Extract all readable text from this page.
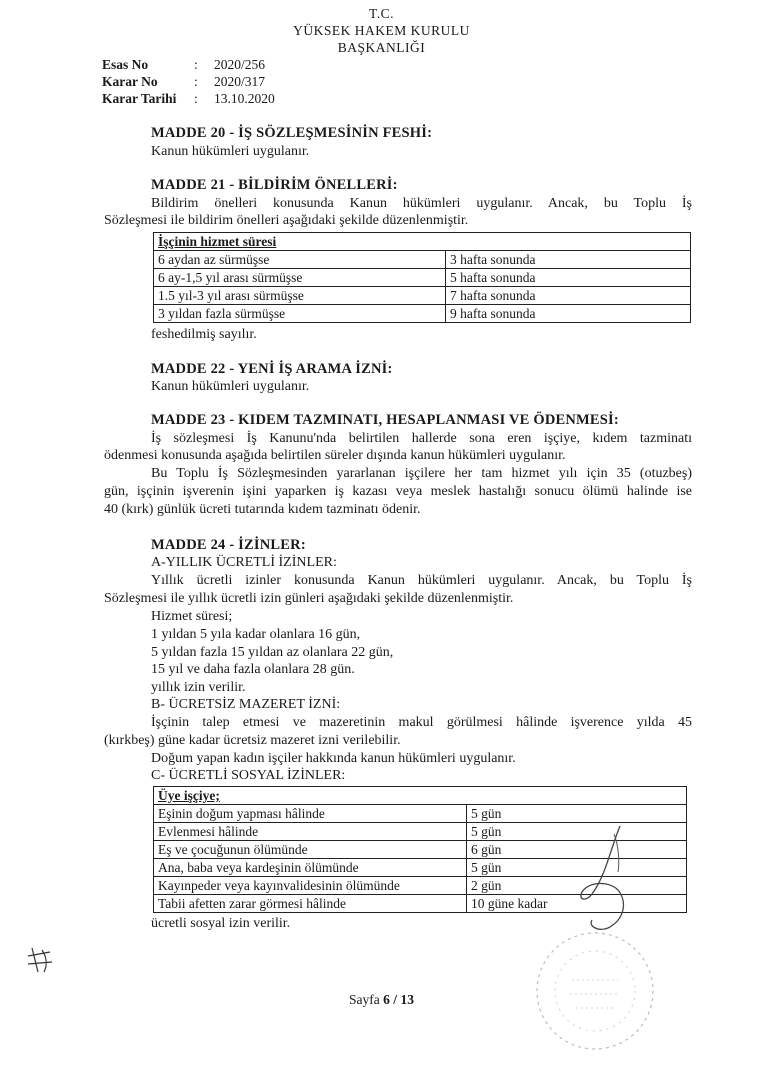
T.C.
YÜKSEK HAKEM KURULU
BAŞKANLIĞI
Esas No	: 2020/256
Karar No	: 2020/317
Karar Tarihi : 13.10.2020
MADDE 20 - İŞ SÖZLEŞMESİNİN FESHİ:
Kanun hükümleri uygulanır.
MADDE 21 - BİLDİRİM ÖNELLERİ:
Bildirim önelleri konusunda Kanun hükümleri uygulanır. Ancak, bu Toplu İş
Sözleşmesi ile bildirim önelleri aşağıdaki şekilde düzenlenmiştir.
İşçinin hizmet süresi	
6 aydan az sürmüşse	3 hafta sonunda
6 ay-1,5 yıl arası sürmüşse	5 hafta sonunda
1.5 yıl-3 yıl arası sürmüşse	7 hafta sonunda
3 yıldan fazla sürmüşse	9 hafta sonunda
feshedilmiş sayılır.
MADDE 22 - YENİ İŞ ARAMA İZNİ:
Kanun hükümleri uygulanır.
MADDE 23 - KIDEM TAZMINATI, HESAPLANMASI VE ÖDENMESİ:
İş sözleşmesi İş Kanunu'nda belirtilen hallerde sona eren işçiye, kıdem tazminatı
ödenmesi konusunda aşağıda belirtilen süreler dışında kanun hükümleri uygulanır.
Bu Toplu İş Sözleşmesinden yararlanan işçilere her tam hizmet yılı için 35 (otuzbeş)
gün, işçinin işverenin işini yaparken iş kazası veya meslek hastalığı sonucu ölümü halinde ise
40 (kırk) günlük ücreti tutarında kıdem tazminatı ödenir.
MADDE 24 - İZİNLER:
A-YILLIK ÜCRETLİ İZİNLER:
Yıllık ücretli izinler konusunda Kanun hükümleri uygulanır. Ancak, bu Toplu İş
Sözleşmesi ile yıllık ücretli izin günleri aşağıdaki şekilde düzenlenmiştir.
Hizmet süresi;
1 yıldan 5 yıla kadar olanlara 16 gün,
5 yıldan fazla 15 yıldan az olanlara 22 gün,
15 yıl ve daha fazla olanlara 28 gün.
yıllık izin verilir.
B- ÜCRETSİZ MAZERET İZNİ:
İşçinin talep etmesi ve mazeretinin makul görülmesi hâlinde işverence yılda 45
(kırkbeş) güne kadar ücretsiz mazeret izni verilebilir.
Doğum yapan kadın işçiler hakkında kanun hükümleri uygulanır.
C- ÜCRETLİ SOSYAL İZİNLER:
Üye işçiye;	
Eşinin doğum yapması hâlinde	5 gün
Evlenmesi hâlinde	5 gün
Eş ve çocuğunun ölümünde	6 gün
Ana, baba veya kardeşinin ölümünde	5 gün
Kayınpeder veya kayınvalidesinin ölümünde	2 gün
Tabii afetten zarar görmesi hâlinde	10 güne kadar
ücretli sosyal izin verilir.
Sayfa 6 / 13
